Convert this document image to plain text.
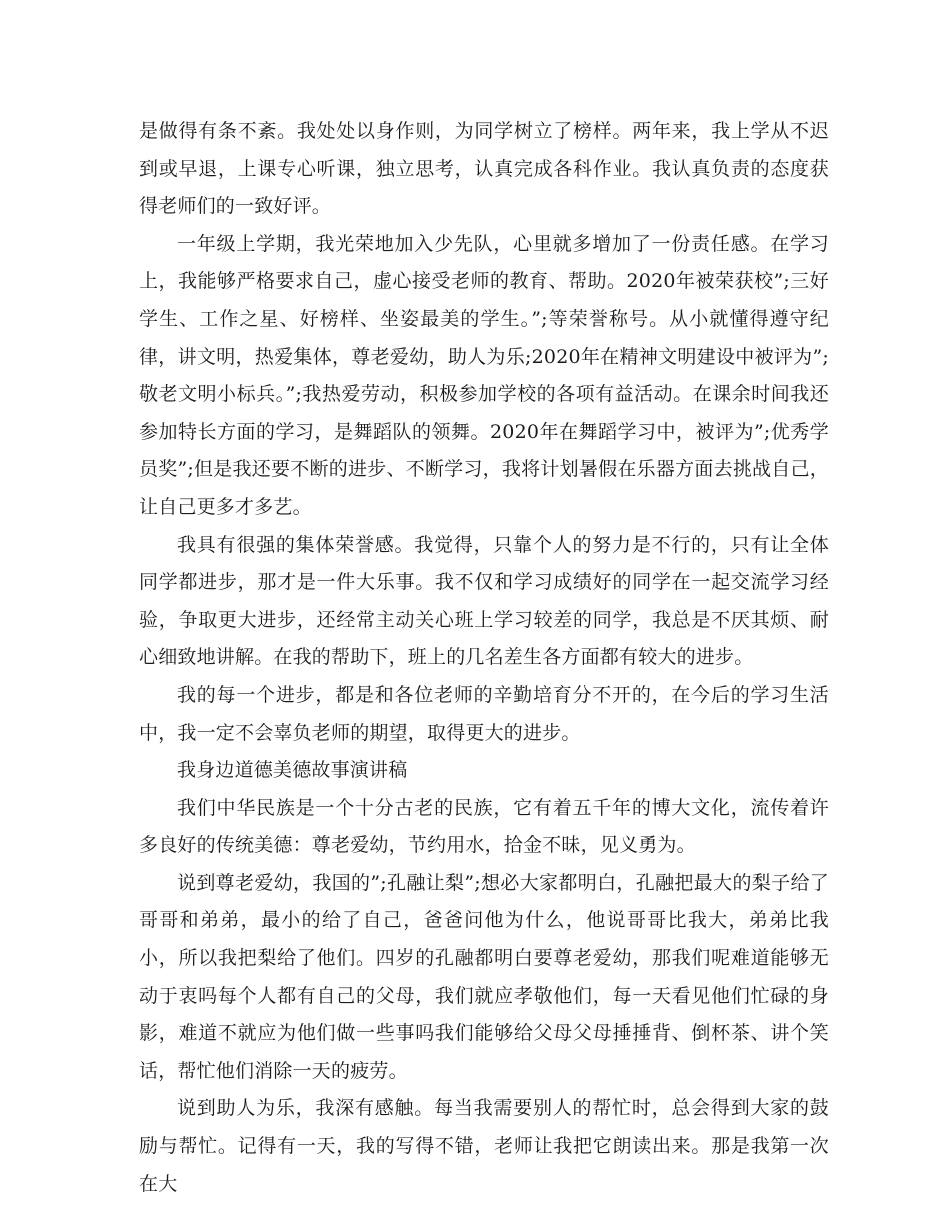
是做得有条不紊。我处处以身作则，为同学树立了榜样。两年来，我上学从不迟到或早退，上课专心听课，独立思考，认真完成各科作业。我认真负责的态度获得老师们的一致好评。

一年级上学期，我光荣地加入少先队，心里就多增加了一份责任感。在学习上，我能够严格要求自己，虚心接受老师的教育、帮助。2020年被荣获校”;三好学生、工作之星、好榜样、坐姿最美的学生。”;等荣誉称号。从小就懂得遵守纪律，讲文明，热爱集体，尊老爱幼，助人为乐;2020年在精神文明建设中被评为”;敬老文明小标兵。”;我热爱劳动，积极参加学校的各项有益活动。在课余时间我还参加特长方面的学习，是舞蹈队的领舞。2020年在舞蹈学习中，被评为”;优秀学员奖”;但是我还要不断的进步、不断学习，我将计划暑假在乐器方面去挑战自己，让自己更多才多艺。

我具有很强的集体荣誉感。我觉得，只靠个人的努力是不行的，只有让全体同学都进步，那才是一件大乐事。我不仅和学习成绩好的同学在一起交流学习经验，争取更大进步，还经常主动关心班上学习较差的同学，我总是不厌其烦、耐心细致地讲解。在我的帮助下，班上的几名差生各方面都有较大的进步。

我的每一个进步，都是和各位老师的辛勤培育分不开的，在今后的学习生活中，我一定不会辜负老师的期望，取得更大的进步。

我身边道德美德故事演讲稿

我们中华民族是一个十分古老的民族，它有着五千年的博大文化，流传着许多良好的传统美德：尊老爱幼，节约用水，拾金不昧，见义勇为。

说到尊老爱幼，我国的”;孔融让梨”;想必大家都明白，孔融把最大的梨子给了哥哥和弟弟，最小的给了自己，爸爸问他为什么，他说哥哥比我大，弟弟比我小，所以我把梨给了他们。四岁的孔融都明白要尊老爱幼，那我们呢难道能够无动于衷吗每个人都有自己的父母，我们就应孝敬他们，每一天看见他们忙碌的身影，难道不就应为他们做一些事吗我们能够给父母父母捶捶背、倒杯茶、讲个笑话，帮忙他们消除一天的疲劳。

说到助人为乐，我深有感触。每当我需要别人的帮忙时，总会得到大家的鼓励与帮忙。记得有一天，我的写得不错，老师让我把它朗读出来。那是我第一次在大
